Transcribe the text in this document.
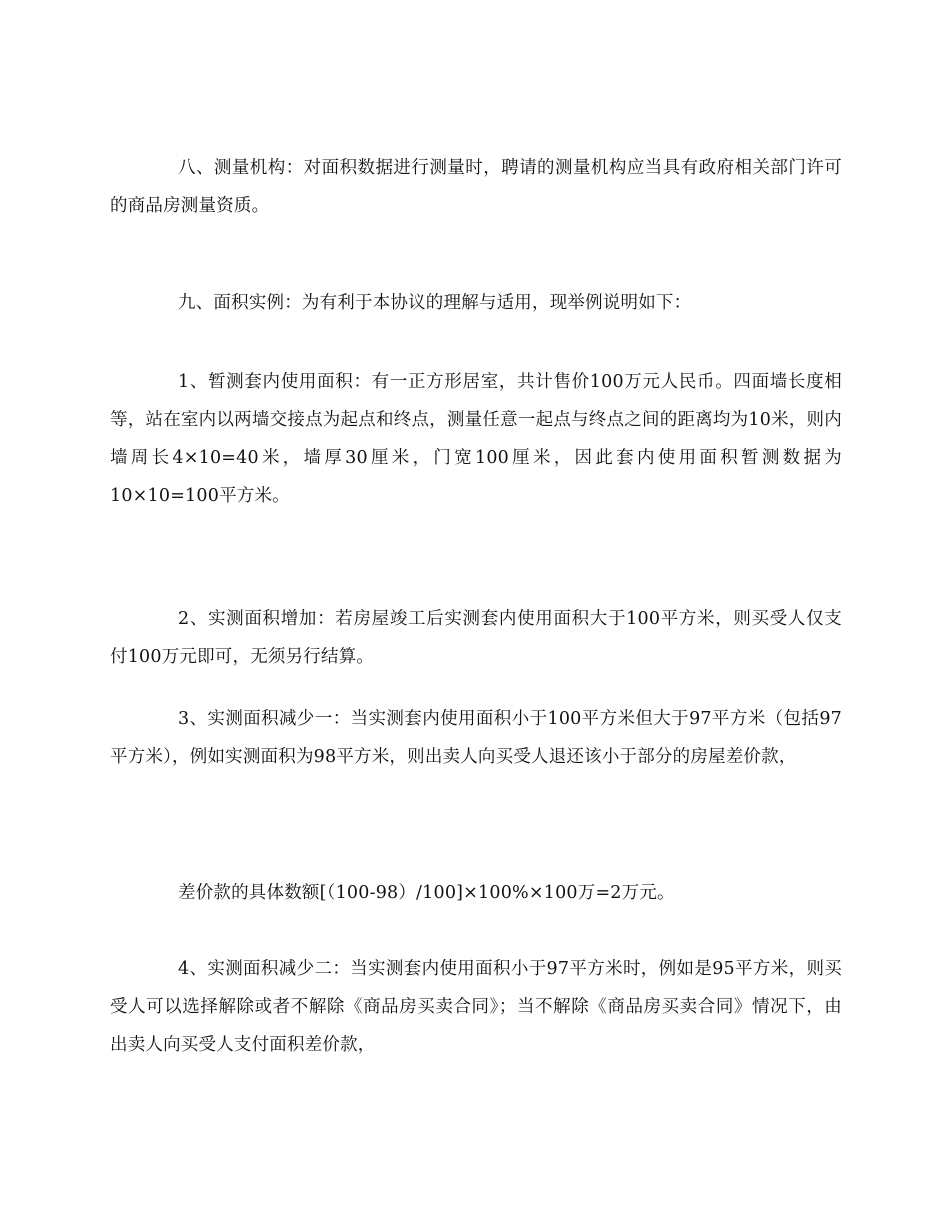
八、测量机构：对面积数据进行测量时，聘请的测量机构应当具有政府相关部门许可的商品房测量资质。

九、面积实例：为有利于本协议的理解与适用，现举例说明如下：

1、暂测套内使用面积：有一正方形居室，共计售价100万元人民币。四面墙长度相等，站在室内以两墙交接点为起点和终点，测量任意一起点与终点之间的距离均为10米，则内墙周长4×10=40米，墙厚30厘米，门宽100厘米，因此套内使用面积暂测数据为10×10=100平方米。

2、实测面积增加：若房屋竣工后实测套内使用面积大于100平方米，则买受人仅支付100万元即可，无须另行结算。

3、实测面积减少一：当实测套内使用面积小于100平方米但大于97平方米（包括97平方米），例如实测面积为98平方米，则出卖人向买受人退还该小于部分的房屋差价款，

差价款的具体数额[（100-98）/100]×100%×100万=2万元。

4、实测面积减少二：当实测套内使用面积小于97平方米时，例如是95平方米，则买受人可以选择解除或者不解除《商品房买卖合同》；当不解除《商品房买卖合同》情况下，由出卖人向买受人支付面积差价款，
